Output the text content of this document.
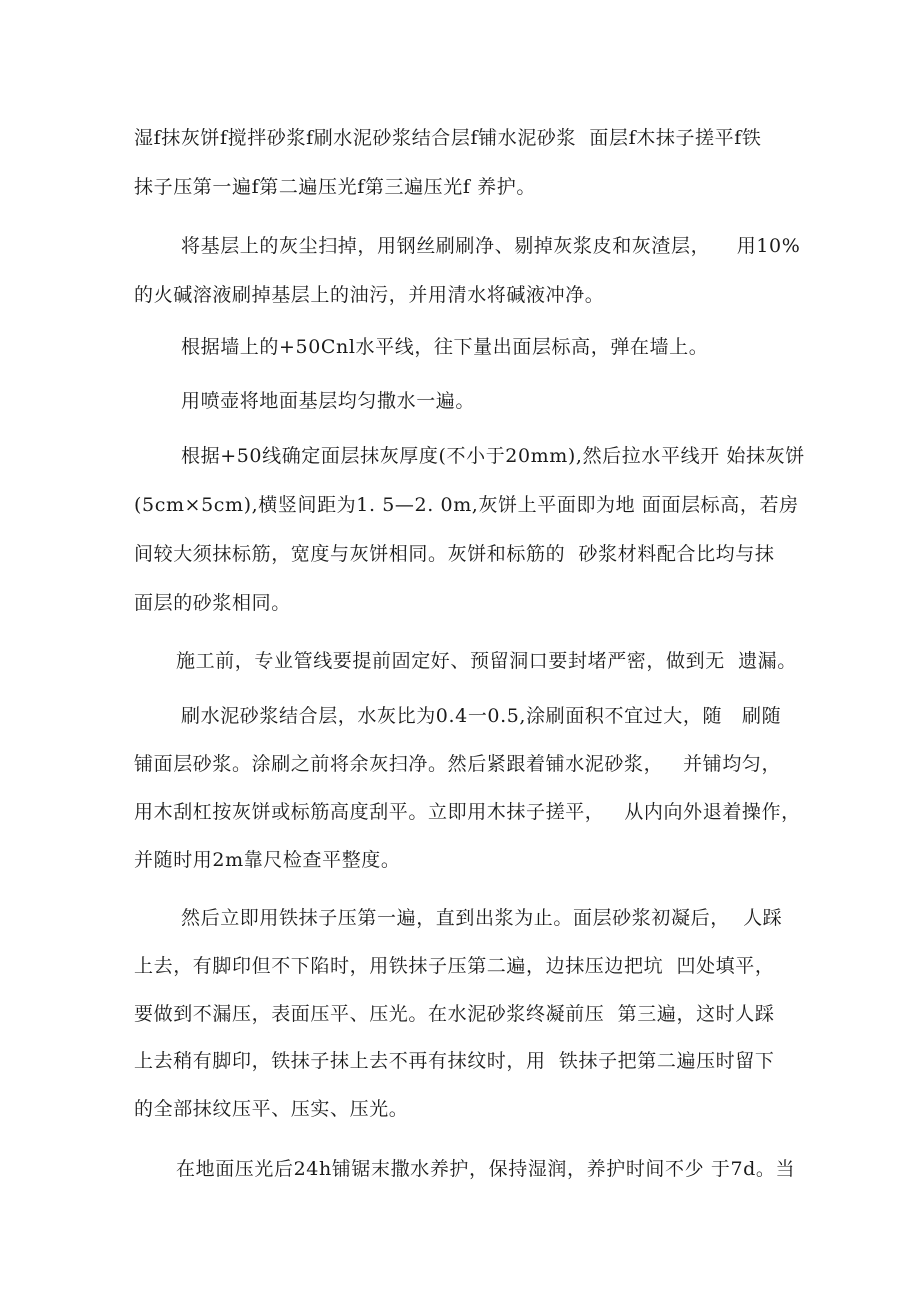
湿f抹灰饼f搅拌砂浆f刷水泥砂浆结合层f铺水泥砂浆  面层f木抹子搓平f铁

抹子压第一遍f第二遍压光f第三遍压光f 养护。

将基层上的灰尘扫掉，用钢丝刷刷净、剔掉灰浆皮和灰渣层，    用10%

的火碱溶液刷掉基层上的油污，并用清水将碱液冲净。

根据墙上的+50Cnl水平线，往下量出面层标高，弹在墙上。

用喷壶将地面基层均匀撒水一遍。

根据+50线确定面层抹灰厚度(不小于20mm),然后拉水平线开 始抹灰饼

(5cm×5cm),横竖间距为1. 5—2. 0m,灰饼上平面即为地 面面层标高，若房

间较大须抹标筋，宽度与灰饼相同。灰饼和标筋的  砂浆材料配合比均与抹

面层的砂浆相同。

施工前，专业管线要提前固定好、预留洞口要封堵严密，做到无  遗漏。

刷水泥砂浆结合层，水灰比为0.4一0.5,涂刷面积不宜过大，随   刷随

铺面层砂浆。涂刷之前将余灰扫净。然后紧跟着铺水泥砂浆，   并铺均匀，

用木刮杠按灰饼或标筋高度刮平。立即用木抹子搓平，   从内向外退着操作，

并随时用2m靠尺检查平整度。

然后立即用铁抹子压第一遍，直到出浆为止。面层砂浆初凝后，  人踩

上去，有脚印但不下陷时，用铁抹子压第二遍，边抹压边把坑  凹处填平，

要做到不漏压，表面压平、压光。在水泥砂浆终凝前压  第三遍，这时人踩

上去稍有脚印，铁抹子抹上去不再有抹纹时，用  铁抹子把第二遍压时留下

的全部抹纹压平、压实、压光。

在地面压光后24h铺锯末撒水养护，保持湿润，养护时间不少 于7d。当
